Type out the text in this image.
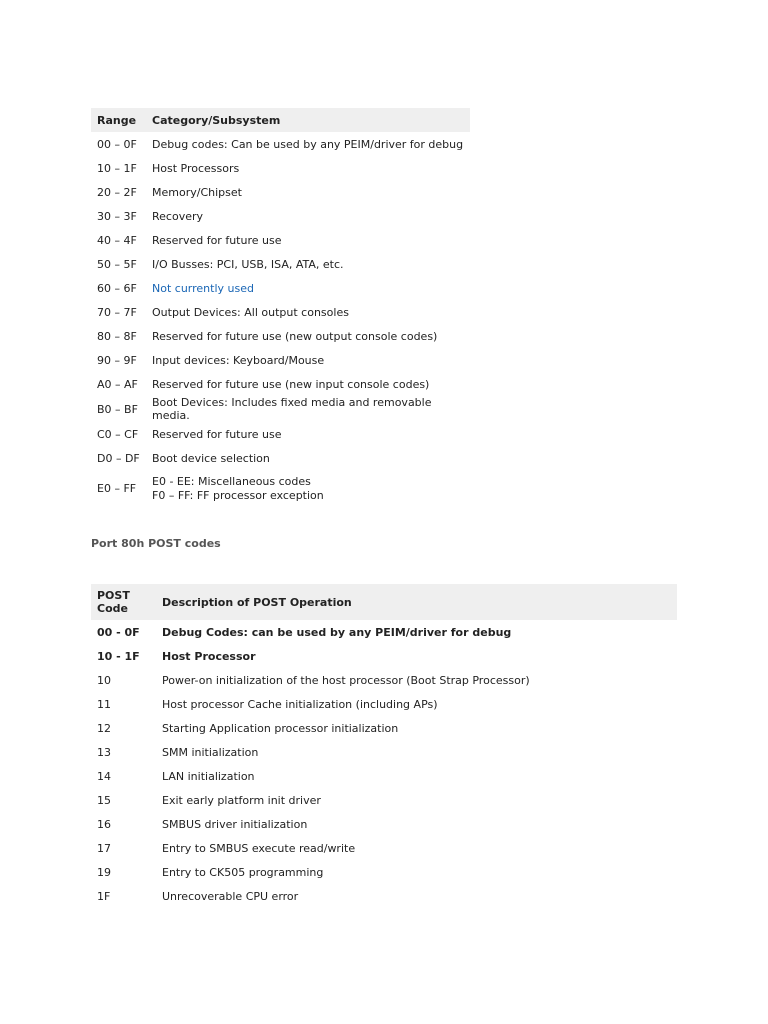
Range	Category/Subsystem
00 – 0F	Debug codes: Can be used by any PEIM/driver for debug
10 – 1F	Host Processors
20 – 2F	Memory/Chipset
30 – 3F	Recovery
40 – 4F	Reserved for future use
50 – 5F	I/O Busses: PCI, USB, ISA, ATA, etc.
60 – 6F	Not currently used
70 – 7F	Output Devices: All output consoles
80 – 8F	Reserved for future use (new output console codes)
90 – 9F	Input devices: Keyboard/Mouse
A0 – AF	Reserved for future use (new input console codes)
B0 – BF	Boot Devices: Includes fixed media and removable media.
C0 – CF	Reserved for future use
D0 – DF	Boot device selection
E0 – FF	E0 - EE: Miscellaneous codes
F0 – FF: FF processor exception
Port 80h POST codes
POST
Code	Description of POST Operation
00 - 0F	Debug Codes: can be used by any PEIM/driver for debug
10 - 1F	Host Processor
10	Power-on initialization of the host processor (Boot Strap Processor)
11	Host processor Cache initialization (including APs)
12	Starting Application processor initialization
13	SMM initialization
14	LAN initialization
15	Exit early platform init driver
16	SMBUS driver initialization
17	Entry to SMBUS execute read/write
19	Entry to CK505 programming
1F	Unrecoverable CPU error
